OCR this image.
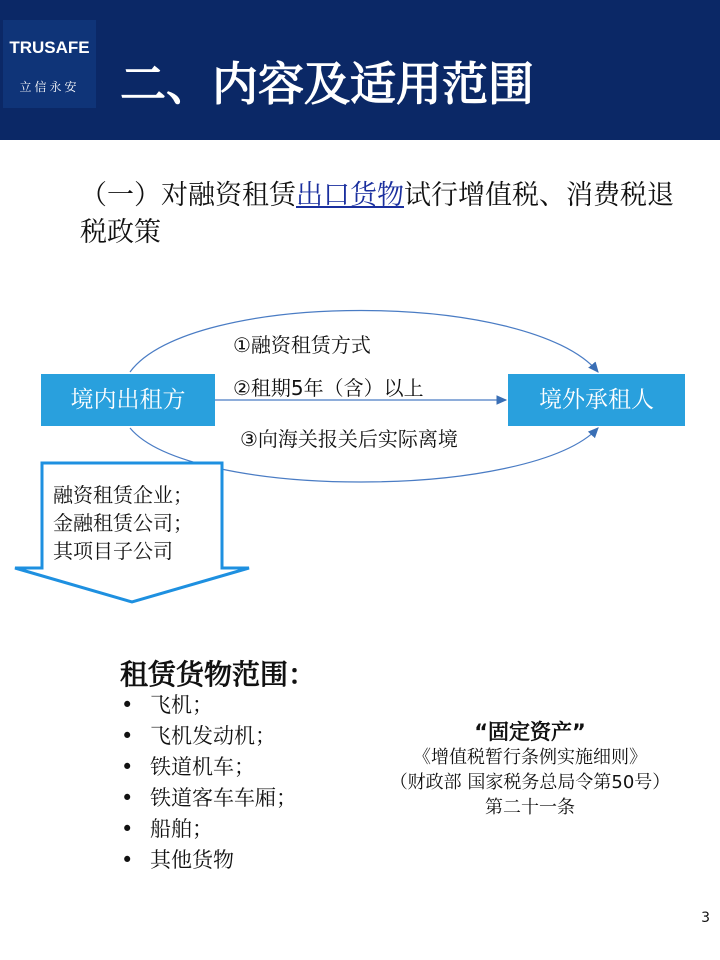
TRUSAFE
立信永安 二、内容及适用范围
（一）对融资租赁出口货物试行增值税、消费税退税政策
境内出租方	境外承租人
①融资租赁方式
②租期5年（含）以上
③向海关报关后实际离境
融资租赁企业；
金融租赁公司；
其项目子公司
租赁货物范围：
• 飞机；
• 飞机发动机；
• 铁道机车；
• 铁道客车车厢；
• 船舶；
• 其他货物
“固定资产”
《增值税暂行条例实施细则》
（财政部 国家税务总局令第50号）
第二十一条
3
